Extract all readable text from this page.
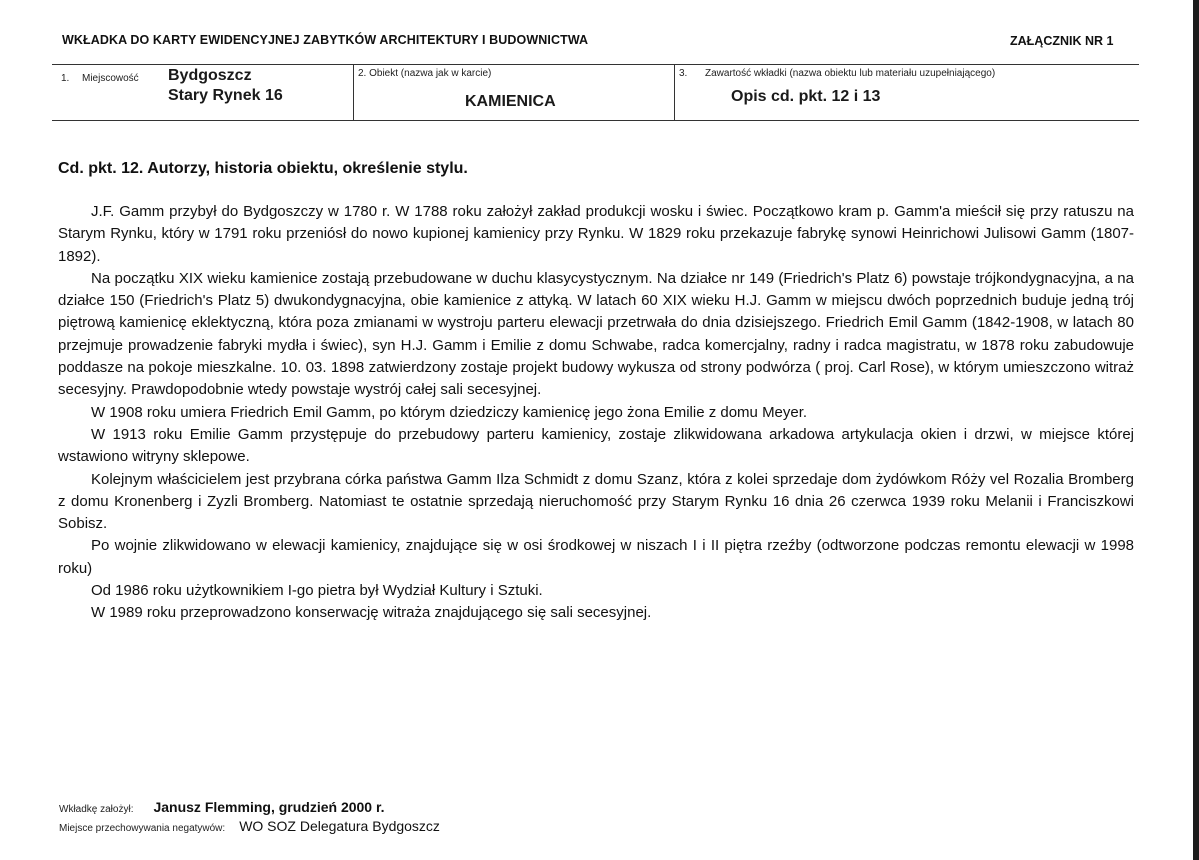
WKŁADKA DO KARTY EWIDENCYJNEJ ZABYTKÓW ARCHITEKTURY I BUDOWNICTWA	ZAŁĄCZNIK NR 1
1. Miejscowość Bydgoszcz
Stary Rynek 16
2. Obiekt (nazwa jak w karcie)
KAMIENICA
3. Zawartość wkładki (nazwa obiektu lub materiału uzupełniającego)
Opis cd. pkt. 12 i 13
Cd. pkt. 12. Autorzy, historia obiektu, określenie stylu.

J.F. Gamm przybył do Bydgoszczy w 1780 r. W 1788 roku założył zakład produkcji wosku i świec. Początkowo kram p. Gamm'a mieścił się przy ratuszu na Starym Rynku, który w 1791 roku przeniósł do nowo kupionej kamienicy przy Rynku. W 1829 roku przekazuje fabrykę synowi Heinrichowi Julisowi Gamm (1807-1892).

Na początku XIX wieku kamienice zostają przebudowane w duchu klasycystycznym. Na działce nr 149 (Friedrich's Platz 6) powstaje trójkondygnacyjna, a na działce 150 (Friedrich's Platz 5) dwukondygnacyjna, obie kamienice z attyką. W latach 60 XIX wieku H.J. Gamm w miejscu dwóch poprzednich buduje jedną trój piętrową kamienicę eklektyczną, która poza zmianami w wystroju parteru elewacji przetrwała do dnia dzisiejszego. Friedrich Emil Gamm (1842-1908, w latach 80 przejmuje prowadzenie fabryki mydła i świec), syn H.J. Gamm i Emilie z domu Schwabe, radca komercjalny, radny i radca magistratu, w 1878 roku zabudowuje poddasze na pokoje mieszkalne. 10. 03. 1898 zatwierdzony zostaje projekt budowy wykusza od strony podwórza ( proj. Carl Rose), w którym umieszczono witraż secesyjny. Prawdopodobnie wtedy powstaje wystrój całej sali secesyjnej.

W 1908 roku umiera Friedrich Emil Gamm, po którym dziedziczy kamienicę jego żona Emilie z domu Meyer.

W 1913 roku Emilie Gamm przystępuje do przebudowy parteru kamienicy, zostaje zlikwidowana arkadowa artykulacja okien i drzwi, w miejsce której wstawiono witryny sklepowe.

Kolejnym właścicielem jest przybrana córka państwa Gamm Ilza Schmidt z domu Szanz, która z kolei sprzedaje dom żydówkom Róży vel Rozalia Bromberg z domu Kronenberg i Zyzli Bromberg. Natomiast te ostatnie sprzedają nieruchomość przy Starym Rynku 16 dnia 26 czerwca 1939 roku Melanii i Franciszkowi Sobisz.

Po wojnie zlikwidowano w elewacji kamienicy, znajdujące się w osi środkowej w niszach I i II piętra rzeźby (odtworzone podczas remontu elewacji w 1998 roku)

Od 1986 roku użytkownikiem I-go pietra był Wydział Kultury i Sztuki.

W 1989 roku przeprowadzono konserwację witraża znajdującego się sali secesyjnej.

Wkładkę założył: Janusz Flemming, grudzień 2000 r.
Miejsce przechowywania negatywów: WO SOZ Delegatura Bydgoszcz
